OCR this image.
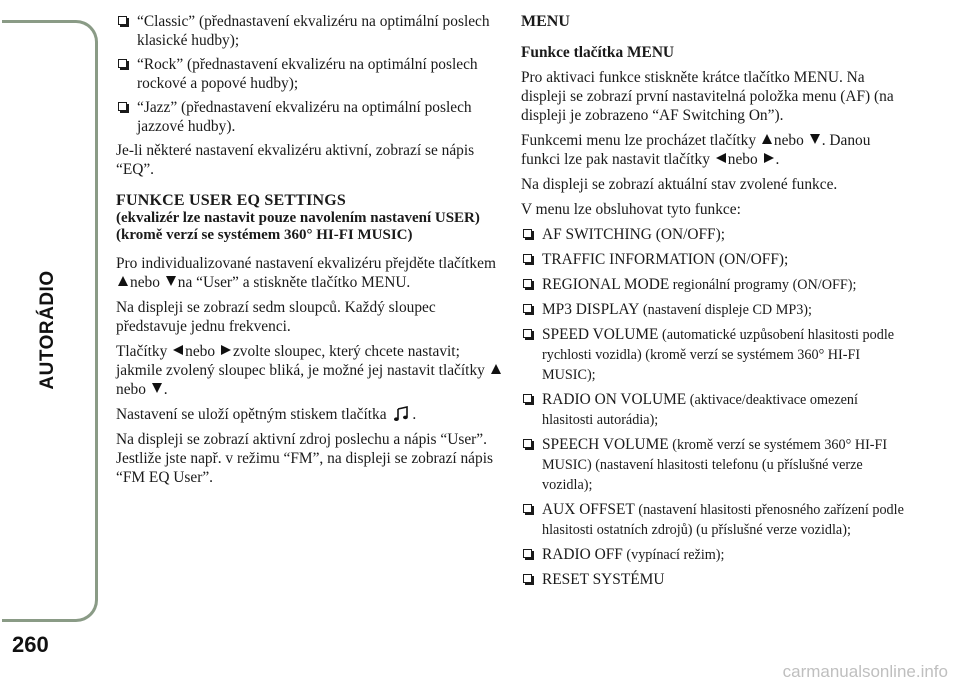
AUTORÁDIO
260
“Classic” (přednastavení ekvalizéru na optimální poslech klasické hudby);
“Rock” (přednastavení ekvalizéru na optimální poslech rockové a popové hudby);
“Jazz” (přednastavení ekvalizéru na optimální poslech jazzové hudby).

Je-li některé nastavení ekvalizéru aktivní, zobrazí se nápis “EQ”.

FUNKCE USER EQ SETTINGS
(ekvalizér lze nastavit pouze navolením nastavení USER)
(kromě verzí se systémem 360° HI-FI MUSIC)

Pro individualizované nastavení ekvalizéru přejděte tlačítkem nebo na “User” a stiskněte tlačítko MENU.

Na displeji se zobrazí sedm sloupců. Každý sloupec představuje jednu frekvenci.

Tlačítky nebo zvolte sloupec, který chcete nastavit; jakmile zvolený sloupec bliká, je možné jej nastavit tlačítky nebo .

Nastavení se uloží opětným stiskem tlačítka .

Na displeji se zobrazí aktivní zdroj poslechu a nápis “User”. Jestliže jste např. v režimu “FM”, na displeji se zobrazí nápis “FM EQ User”.

MENU

Funkce tlačítka MENU

Pro aktivaci funkce stiskněte krátce tlačítko MENU. Na displeji se zobrazí první nastavitelná položka menu (AF) (na displeji je zobrazeno “AF Switching On”).

Funkcemi menu lze procházet tlačítky nebo . Danou funkci lze pak nastavit tlačítky nebo .

Na displeji se zobrazí aktuální stav zvolené funkce.

V menu lze obsluhovat tyto funkce:

AF SWITCHING (ON/OFF);
TRAFFIC INFORMATION (ON/OFF);
REGIONAL MODE regionální programy (ON/OFF);
MP3 DISPLAY (nastavení displeje CD MP3);
SPEED VOLUME (automatické uzpůsobení hlasitosti podle rychlosti vozidla) (kromě verzí se systémem 360° HI-FI MUSIC);
RADIO ON VOLUME (aktivace/deaktivace omezení hlasitosti autorádia);
SPEECH VOLUME (kromě verzí se systémem 360° HI-FI MUSIC) (nastavení hlasitosti telefonu (u příslušné verze vozidla);
AUX OFFSET (nastavení hlasitosti přenosného zařízení podle hlasitosti ostatních zdrojů) (u příslušné verze vozidla);
RADIO OFF (vypínací režim);
RESET SYSTÉMU
carmanualsonline.info
